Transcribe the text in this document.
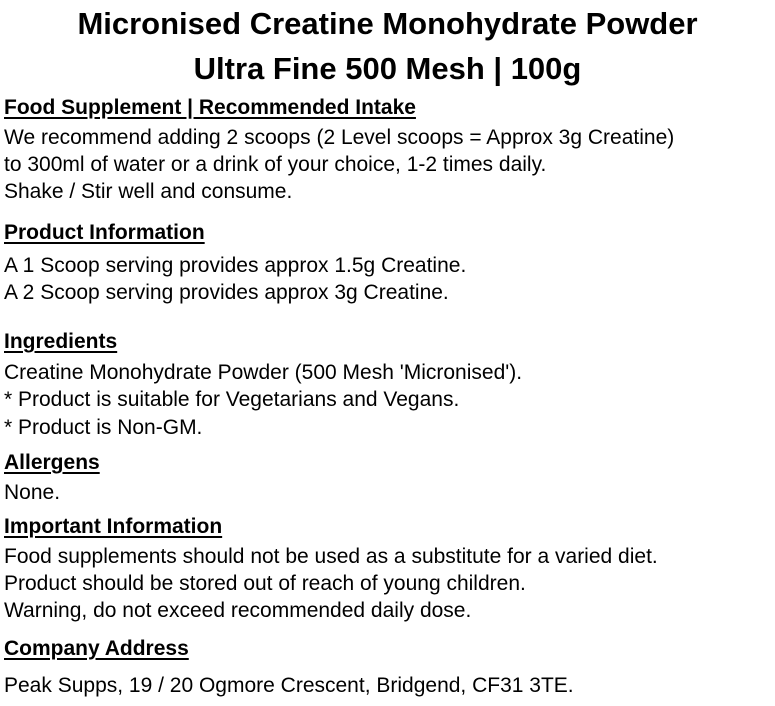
Micronised Creatine Monohydrate Powder
Ultra Fine 500 Mesh | 100g
Food Supplement | Recommended Intake
We recommend adding 2 scoops (2 Level scoops = Approx 3g Creatine)
to 300ml of water or a drink of your choice, 1-2 times daily.
Shake / Stir well and consume.
Product Information
A 1 Scoop serving provides approx 1.5g Creatine.
A 2 Scoop serving provides approx 3g Creatine.
Ingredients
Creatine Monohydrate Powder (500 Mesh 'Micronised').
* Product is suitable for Vegetarians and Vegans.
* Product is Non-GM.
Allergens
None.
Important Information
Food supplements should not be used as a substitute for a varied diet.
Product should be stored out of reach of young children.
Warning, do not exceed recommended daily dose.
Company Address
Peak Supps, 19 / 20 Ogmore Crescent, Bridgend, CF31 3TE.
